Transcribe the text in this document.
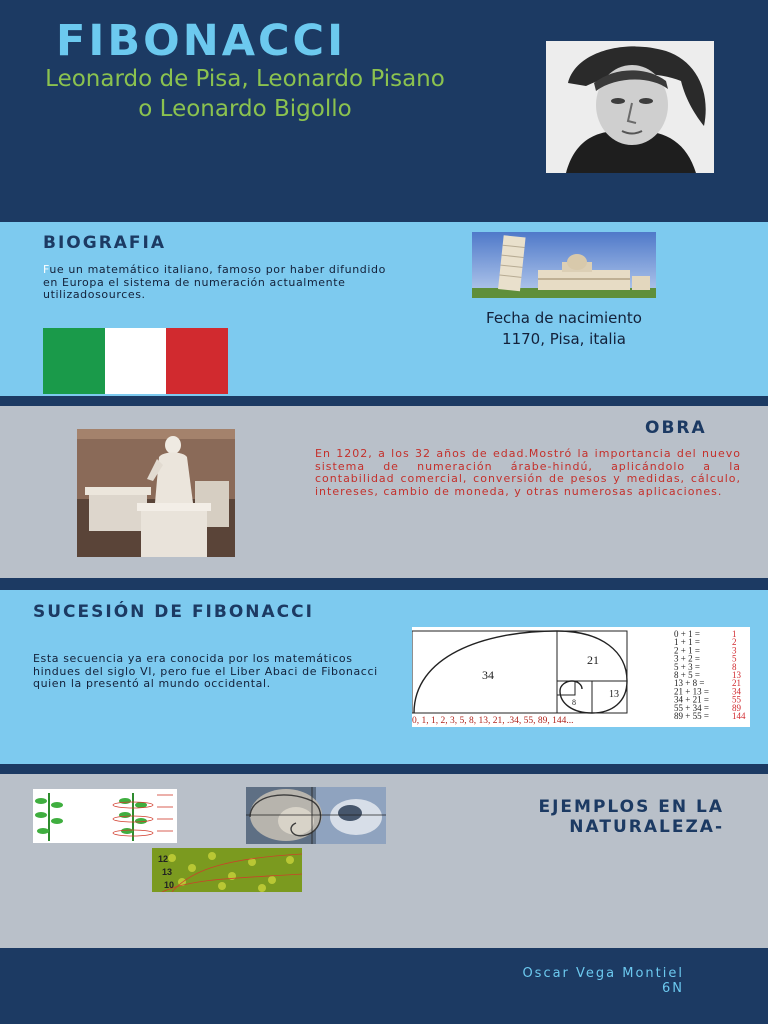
FIBONACCI

Leonardo de Pisa, Leonardo Pisano o Leonardo Bigollo

BIOGRAFIA

Fue un matemático italiano, famoso por haber difundido en Europa el sistema de numeración actualmente utilizadosources.

Fecha de nacimiento
1170, Pisa, italia

OBRA

En 1202, a los 32 años de edad.Mostró la importancia del nuevo sistema de numeración árabe-hindú, aplicándolo a la contabilidad comercial, conversión de pesos y medidas, cálculo, intereses, cambio de moneda, y otras numerosas aplicaciones.

SUCESIÓN DE FIBONACCI

Esta secuencia ya era conocida por los matemáticos hindues del siglo VI, pero fue el Liber Abaci de Fibonacci quien la presentó al mundo occidental.

34
21
13
8
0, 1, 1, 2, 3, 5, 8, 13, 21, .34, 55, 89, 144...
0 + 1 =	1
1 + 1 =	2
2 + 1 =	3
3 + 2 =	5
5 + 3 =	8
8 + 5 =	13
13 + 8 =	21
21 + 13 =	34
34 + 21 =	55
55 + 34 =	89
89 + 55 =	144
12
13
10
EJEMPLOS EN LA NATURALEZA-

Oscar Vega Montiel
6N
